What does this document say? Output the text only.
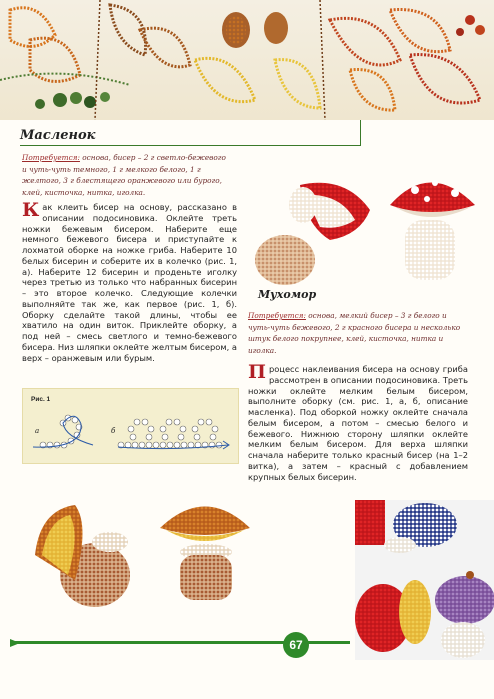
Масленок
Потребуется: основа, бисер – 2 г светло-бежевого и чуть-чуть темного, 1 г мелкого белого, 1 г желтого, 3 г блестящего оранжевого или бурого, клей, кисточка, нитка, иголка.
Как клеить бисер на основу, рассказано в описании подосиновика. Оклейте треть ножки бежевым бисером. Наберите еще немного бежевого бисера и приступайте к лохматой оборке на ножке гриба. Наберите 10 белых бисерин и соберите их в колечко (рис. 1, а). Наберите 12 бисерин и проденьте иголку через третью из только что набранных бисерин – это второе колечко. Следующие колечки выполняйте так же, как первое (рис. 1, б). Оборку сделайте такой длины, чтобы ее хватило на один виток. Приклейте оборку, а под ней – смесь светлого и темно-бежевого бисера. Низ шляпки оклейте желтым бисером, а верх – оранжевым или бурым.
Рис. 1
а	б
Мухомор
Потребуется: основа, мелкий бисер – 3 г белого и чуть-чуть бежевого, 2 г красного бисера и несколько штук белого покрупнее, клей, кисточка, нитка и иголка.
Процесс наклеивания бисера на основу гриба рассмотрен в описании подосиновика. Треть ножки оклейте мелким белым бисером, выполните оборку (см. рис. 1, а, б, описание масленка). Под оборкой ножку оклейте сначала белым бисером, а потом – смесью белого и бежевого. Нижнюю сторону шляпки оклейте мелким белым бисером. Для верха шляпки сначала наберите только красный бисер (на 1–2 витка), а затем – красный с добавлением крупных белых бисерин.
67
